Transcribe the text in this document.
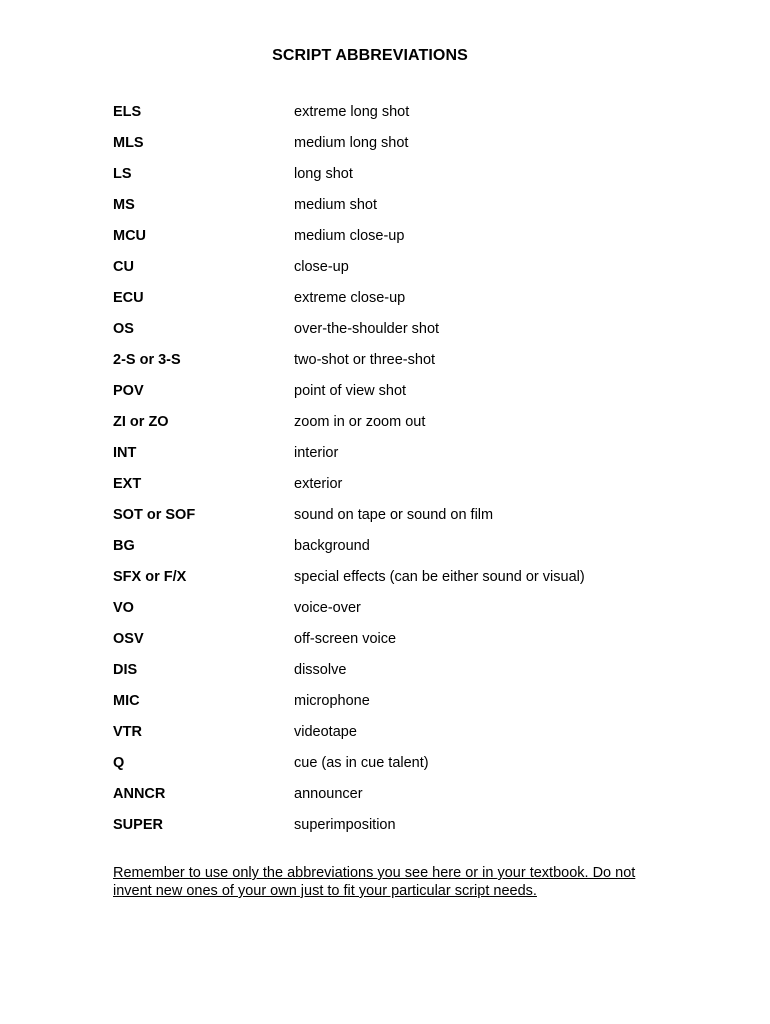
SCRIPT ABBREVIATIONS
ELS	extreme long shot
MLS	medium long shot
LS	long shot
MS	medium shot
MCU	medium close-up
CU	close-up
ECU	extreme close-up
OS	over-the-shoulder shot
2-S or 3-S	two-shot or three-shot
POV	point of view shot
ZI or ZO	zoom in or zoom out
INT	interior
EXT	exterior
SOT or SOF	sound on tape or sound on film
BG	background
SFX or F/X	special effects (can be either sound or visual)
VO	voice-over
OSV	off-screen voice
DIS	dissolve
MIC	microphone
VTR	videotape
Q	cue (as in cue talent)
ANNCR	announcer
SUPER	superimposition
Remember to use only the abbreviations you see here or in your textbook. Do not invent new ones of your own just to fit your particular script needs.
